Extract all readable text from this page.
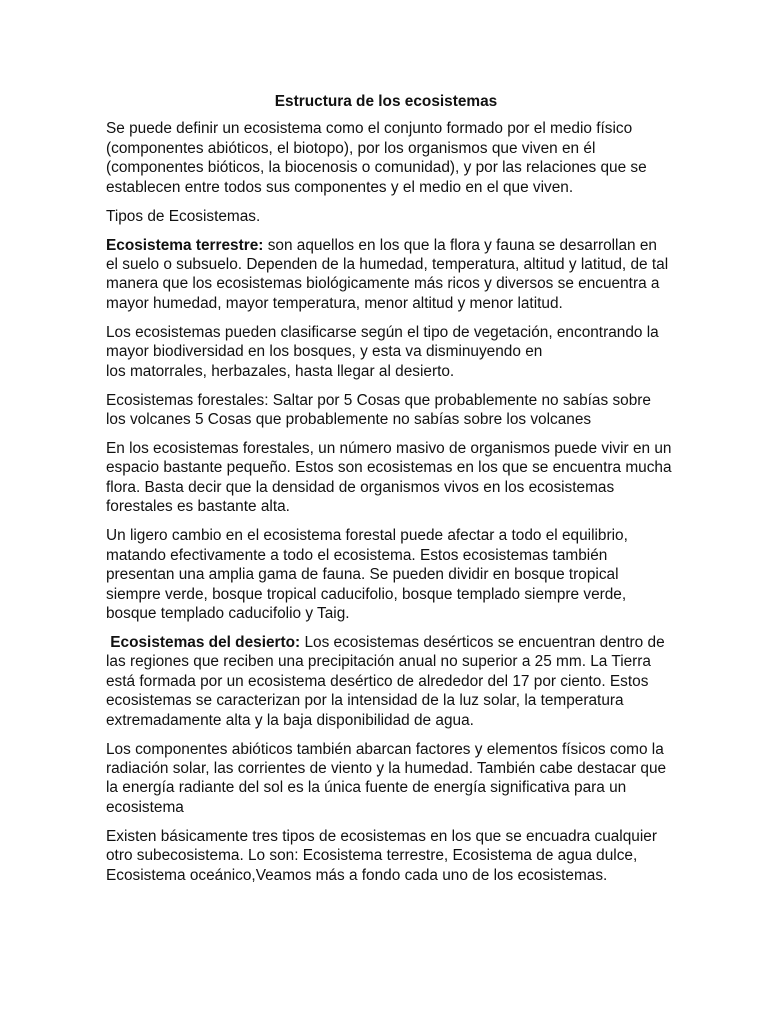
Estructura de los ecosistemas
Se puede definir un ecosistema como el conjunto formado por el medio físico
(componentes abióticos, el biotopo), por los organismos que viven en él
(componentes bióticos, la biocenosis o comunidad), y por las relaciones que se
establecen entre todos sus componentes y el medio en el que viven.
Tipos de Ecosistemas.
Ecosistema terrestre: son aquellos en los que la flora y fauna se desarrollan en
el suelo o subsuelo. Dependen de la humedad, temperatura, altitud y latitud, de tal
manera que los ecosistemas biológicamente más ricos y diversos se encuentra a
mayor humedad, mayor temperatura, menor altitud y menor latitud.
Los ecosistemas pueden clasificarse según el tipo de vegetación, encontrando la
mayor biodiversidad en los bosques, y esta va disminuyendo en
los matorrales, herbazales, hasta llegar al desierto.
Ecosistemas forestales: Saltar por 5 Cosas que probablemente no sabías sobre
los volcanes 5 Cosas que probablemente no sabías sobre los volcanes
En los ecosistemas forestales, un número masivo de organismos puede vivir en un
espacio bastante pequeño. Estos son ecosistemas en los que se encuentra mucha
flora. Basta decir que la densidad de organismos vivos en los ecosistemas
forestales es bastante alta.
Un ligero cambio en el ecosistema forestal puede afectar a todo el equilibrio,
matando efectivamente a todo el ecosistema. Estos ecosistemas también
presentan una amplia gama de fauna. Se pueden dividir en bosque tropical
siempre verde, bosque tropical caducifolio, bosque templado siempre verde,
bosque templado caducifolio y Taig.
Ecosistemas del desierto: Los ecosistemas desérticos se encuentran dentro de
las regiones que reciben una precipitación anual no superior a 25 mm. La Tierra
está formada por un ecosistema desértico de alrededor del 17 por ciento. Estos
ecosistemas se caracterizan por la intensidad de la luz solar, la temperatura
extremadamente alta y la baja disponibilidad de agua.
Los componentes abióticos también abarcan factores y elementos físicos como la
radiación solar, las corrientes de viento y la humedad. También cabe destacar que
la energía radiante del sol es la única fuente de energía significativa para un
ecosistema
Existen básicamente tres tipos de ecosistemas en los que se encuadra cualquier
otro subecosistema. Lo son: Ecosistema terrestre, Ecosistema de agua dulce,
Ecosistema oceánico,Veamos más a fondo cada uno de los ecosistemas.
